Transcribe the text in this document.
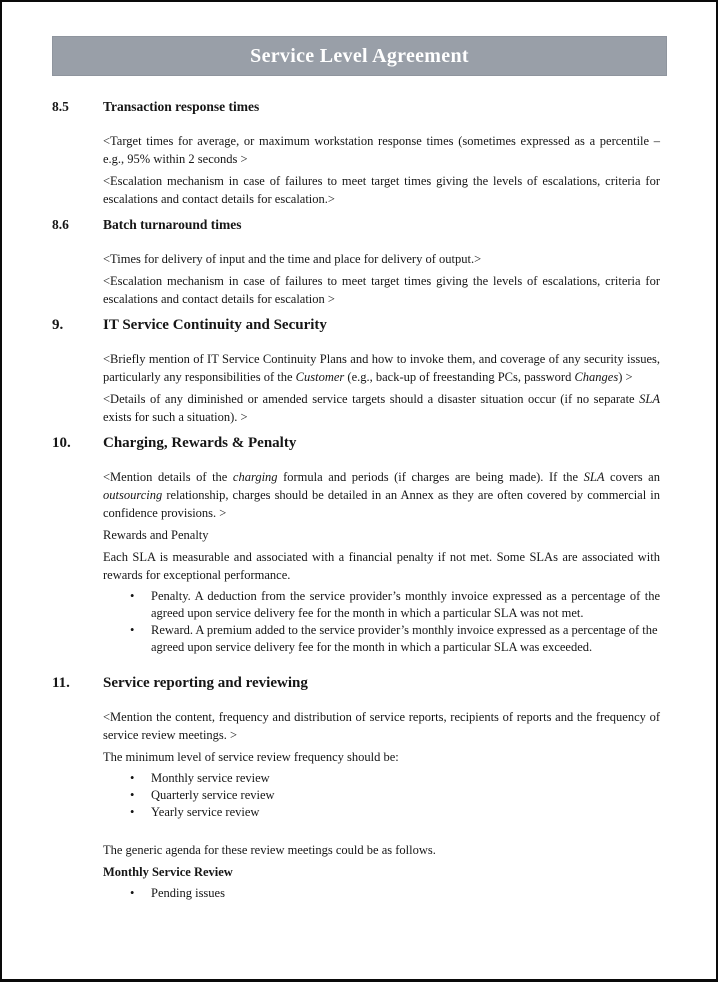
Service Level Agreement
8.5	Transaction response times

<Target times for average, or maximum workstation response times (sometimes expressed as a percentile – e.g., 95% within 2 seconds >

<Escalation mechanism in case of failures to meet target times giving the levels of escalations, criteria for escalations and contact details for escalation.>

8.6	Batch turnaround times

<Times for delivery of input and the time and place for delivery of output.>

<Escalation mechanism in case of failures to meet target times giving the levels of escalations, criteria for escalations and contact details for escalation >

9.	IT Service Continuity and Security

<Briefly mention of IT Service Continuity Plans and how to invoke them, and coverage of any security issues, particularly any responsibilities of the Customer (e.g., back-up of freestanding PCs, password Changes) >

<Details of any diminished or amended service targets should a disaster situation occur (if no separate SLA exists for such a situation). >

10.	Charging, Rewards & Penalty

<Mention details of the charging formula and periods (if charges are being made). If the SLA covers an outsourcing relationship, charges should be detailed in an Annex as they are often covered by commercial in confidence provisions. >

Rewards and Penalty

Each SLA is measurable and associated with a financial penalty if not met. Some SLAs are associated with rewards for exceptional performance.

• Penalty. A deduction from the service provider’s monthly invoice expressed as a percentage of the agreed upon service delivery fee for the month in which a particular SLA was not met.
• Reward. A premium added to the service provider’s monthly invoice expressed as a percentage of the agreed upon service delivery fee for the month in which a particular SLA was exceeded.
11.	Service reporting and reviewing

<Mention the content, frequency and distribution of service reports, recipients of reports and the frequency of service review meetings. >

The minimum level of service review frequency should be:

• Monthly service review
• Quarterly service review
• Yearly service review

The generic agenda for these review meetings could be as follows.

Monthly Service Review

• Pending issues
